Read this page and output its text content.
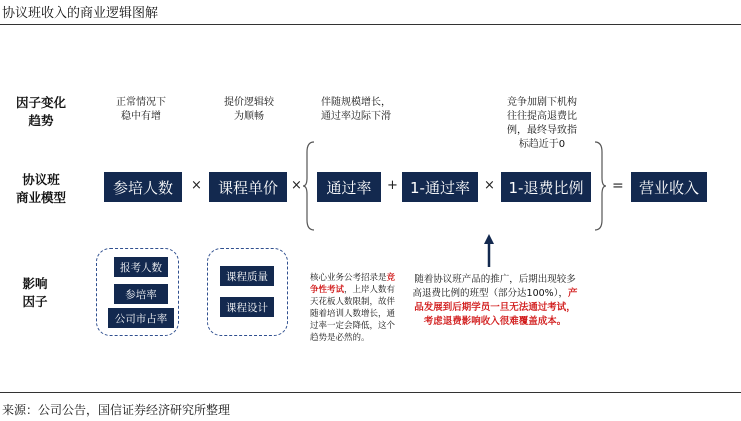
协议班收入的商业逻辑图解
因子变化
趋势
协议班
商业模型
影响
因子
正常情况下
稳中有增
提价逻辑较
为顺畅
伴随规模增长，
通过率边际下滑
竞争加剧下机构
往往提高退费比
例，最终导致指
标趋近于0
参培人数	×	课程单价	×	通过率	+ 1-通过率	× 1-退费比例	=	营业收入
报考人数
参培率
公司市占率
课程质量
课程设计
核心业务公考招录是竞争性考试，上岸人数有天花板人数限制，故伴随着培训人数增长，通过率一定会降低，这个趋势是必然的。
随着协议班产品的推广，后期出现较多高退费比例的班型（部分达100%），产品发展到后期学员一旦无法通过考试，考虑退费影响收入很难覆盖成本。
来源：公司公告，国信证券经济研究所整理
